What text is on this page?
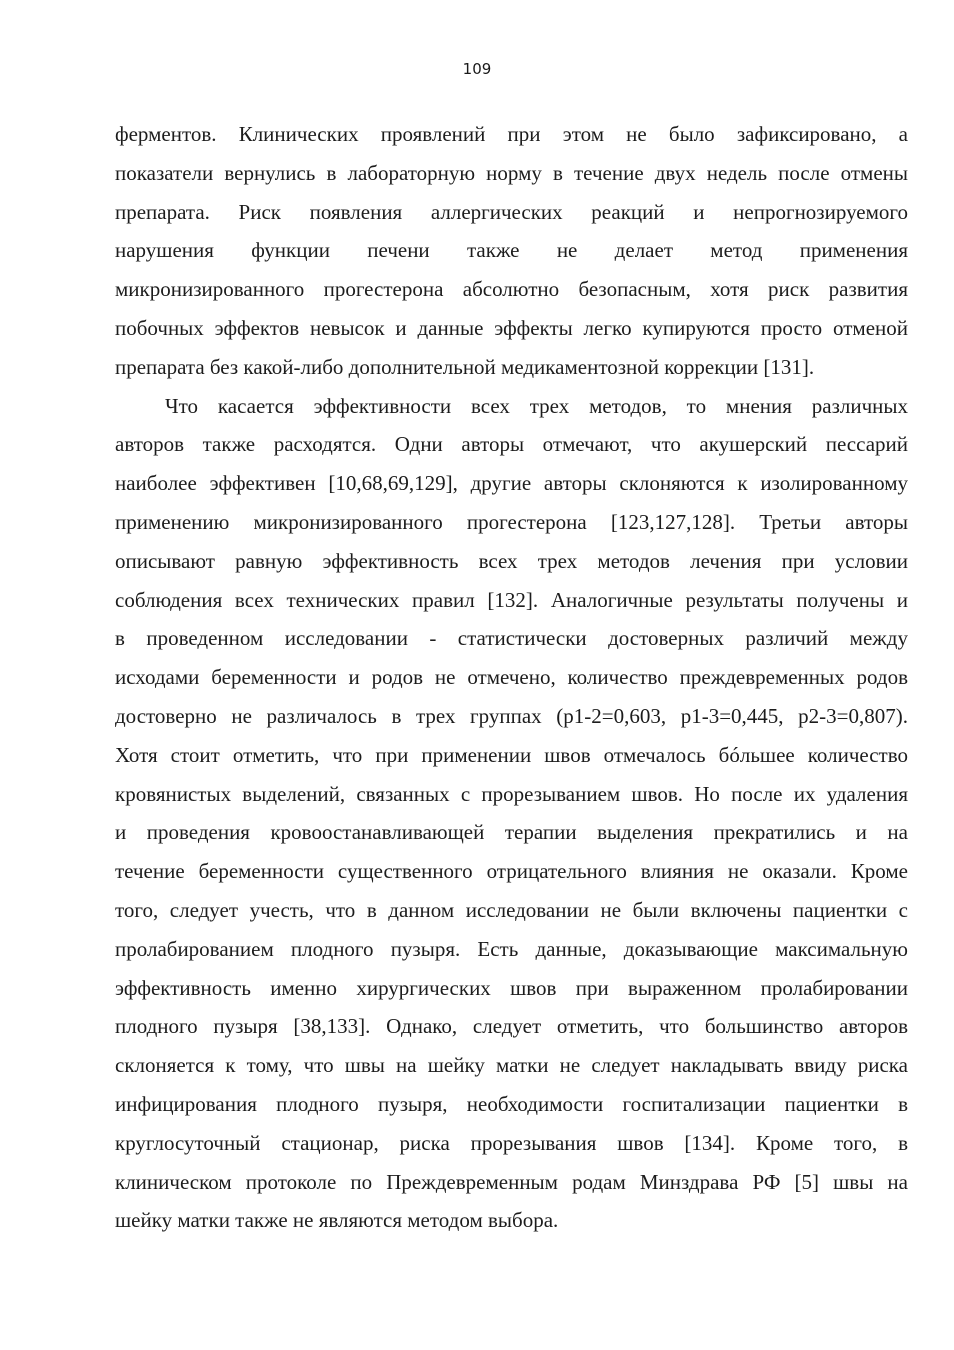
109
ферментов. Клинических проявлений при этом не было зафиксировано, а
показатели вернулись в лабораторную норму в течение двух недель после отмены
препарата. Риск появления аллергических реакций и непрогнозируемого
нарушения функции печени также не делает метод применения
микронизированного прогестерона абсолютно безопасным, хотя риск развития
побочных эффектов невысок и данные эффекты легко купируются просто отменой
препарата без какой-либо дополнительной медикаментозной коррекции [131].
Что касается эффективности всех трех методов, то мнения различных
авторов также расходятся. Одни авторы отмечают, что акушерский пессарий
наиболее эффективен [10,68,69,129], другие авторы склоняются к изолированному
применению микронизированного прогестерона [123,127,128]. Третьи авторы
описывают равную эффективность всех трех методов лечения при условии
соблюдения всех технических правил [132]. Аналогичные результаты получены и
в проведенном исследовании - статистически достоверных различий между
исходами беременности и родов не отмечено, количество преждевременных родов
достоверно не различалось в трех группах (p1-2=0,603, p1-3=0,445, p2-3=0,807).
Хотя стоит отметить, что при применении швов отмечалось бóльшее количество
кровянистых выделений, связанных с прорезыванием швов. Но после их удаления
и проведения кровоостанавливающей терапии выделения прекратились и на
течение беременности существенного отрицательного влияния не оказали. Кроме
того, следует учесть, что в данном исследовании не были включены пациентки с
пролабированием плодного пузыря. Есть данные, доказывающие максимальную
эффективность именно хирургических швов при выраженном пролабировании
плодного пузыря [38,133]. Однако, следует отметить, что большинство авторов
склоняется к тому, что швы на шейку матки не следует накладывать ввиду риска
инфицирования плодного пузыря, необходимости госпитализации пациентки в
круглосуточный стационар, риска прорезывания швов [134]. Кроме того, в
клиническом протоколе по Преждевременным родам Минздрава РФ [5] швы на
шейку матки также не являются методом выбора.
